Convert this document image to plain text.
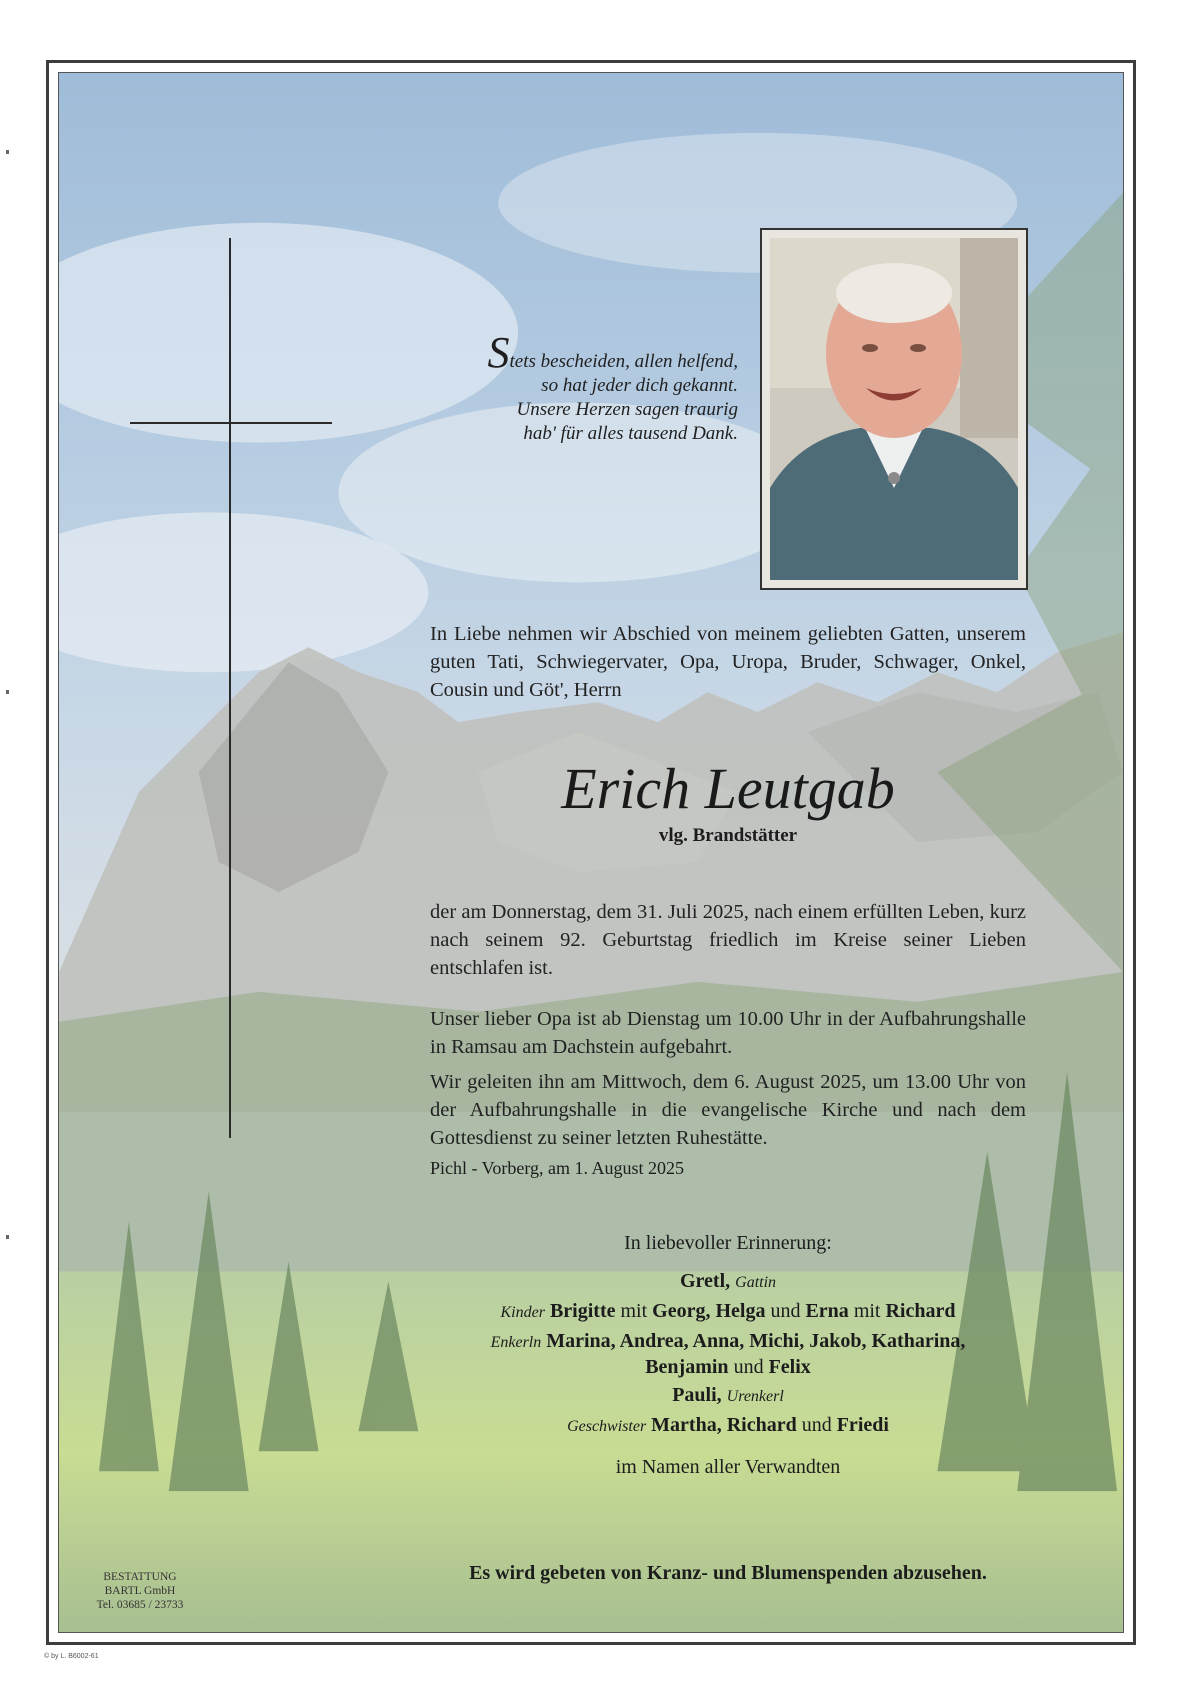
Stets bescheiden, allen helfend,
so hat jeder dich gekannt.
Unsere Herzen sagen traurig
hab' für alles tausend Dank.
In Liebe nehmen wir Abschied von meinem geliebten Gatten, unserem guten Tati, Schwiegervater, Opa, Uropa, Bruder, Schwager, Onkel, Cousin und Göt', Herrn
Erich Leutgab
vlg. Brandstätter
der am Donnerstag, dem 31. Juli 2025, nach einem erfüllten Leben, kurz nach seinem 92. Geburtstag friedlich im Kreise seiner Lieben entschlafen ist.
Unser lieber Opa ist ab Dienstag um 10.00 Uhr in der Aufbahrungshalle in Ramsau am Dachstein aufgebahrt.
Wir geleiten ihn am Mittwoch, dem 6. August 2025, um 13.00 Uhr von der Aufbahrungshalle in die evangelische Kirche und nach dem Gottesdienst zu seiner letzten Ruhestätte.
Pichl - Vorberg, am 1. August 2025
In liebevoller Erinnerung:
Gretl, Gattin
Kinder Brigitte mit Georg, Helga und Erna mit Richard
Enkerln Marina, Andrea, Anna, Michi, Jakob, Katharina,
Benjamin und Felix
Pauli, Urenkerl
Geschwister Martha, Richard und Friedi
im Namen aller Verwandten
Es wird gebeten von Kranz- und Blumenspenden abzusehen.
BESTATTUNG
BARTL GmbH
Tel. 03685 / 23733
© by L. B6002-61
